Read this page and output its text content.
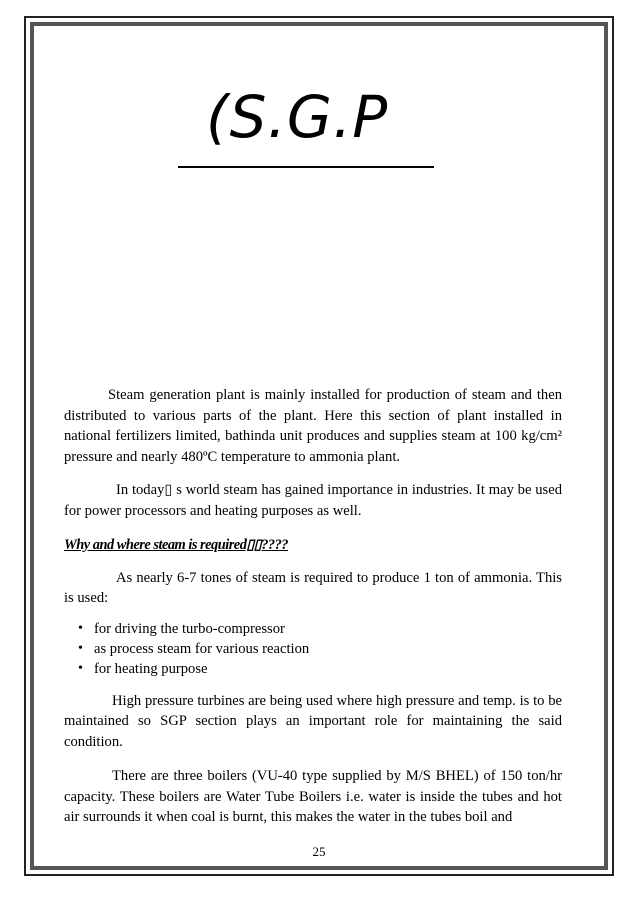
(S.G.P

Steam generation plant is mainly installed for production of steam and then distributed to various parts of the plant. Here this section of plant installed in national fertilizers limited, bathinda unit produces and supplies steam at 100 kg/cm² pressure and nearly 480ºC temperature to ammonia plant.

In today▯ s world steam has gained importance in industries. It may be used for power processors and heating purposes as well.

Why and where steam is required▯▯????

As nearly 6-7 tones of steam is required to produce 1 ton of ammonia. This is used:

• for driving the turbo-compressor
• as process steam for various reaction
• for heating purpose

High pressure turbines are being used where high pressure and temp. is to be maintained so SGP section plays an important role for maintaining the said condition.

There are three boilers (VU-40 type supplied by M/S BHEL) of 150 ton/hr capacity. These boilers are Water Tube Boilers i.e. water is inside the tubes and hot air surrounds it when coal is burnt, this makes the water in the tubes boil and

25
